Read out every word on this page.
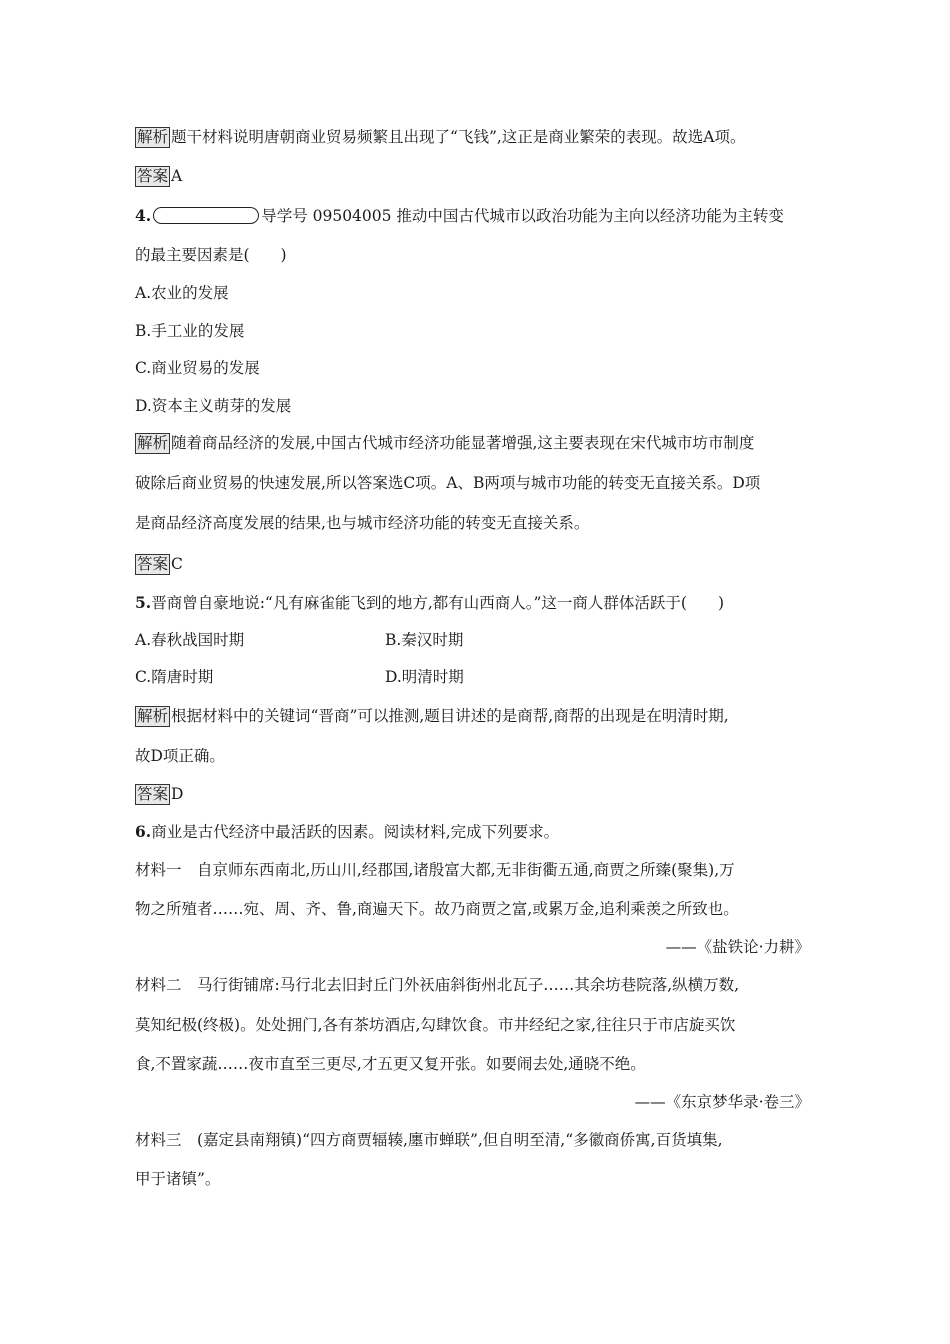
解析 题干材料说明唐朝商业贸易频繁且出现了“飞钱”,这正是商业繁荣的表现。故选A项。
答案 A
4.	导学号 09504005 推动中国古代城市以政治功能为主向以经济功能为主转变
的最主要因素是(　　)
A.农业的发展
B.手工业的发展
C.商业贸易的发展
D.资本主义萌芽的发展
解析 随着商品经济的发展,中国古代城市经济功能显著增强,这主要表现在宋代城市坊市制度
破除后商业贸易的快速发展,所以答案选C项。A、B两项与城市功能的转变无直接关系。D项
是商品经济高度发展的结果,也与城市经济功能的转变无直接关系。
答案 C
5.晋商曾自豪地说:“凡有麻雀能飞到的地方,都有山西商人。”这一商人群体活跃于(　　)
A.春秋战国时期	B.秦汉时期
C.隋唐时期	D.明清时期
解析 根据材料中的关键词“晋商”可以推测,题目讲述的是商帮,商帮的出现是在明清时期,
故D项正确。
答案 D
6.商业是古代经济中最活跃的因素。阅读材料,完成下列要求。
材料一　自京师东西南北,历山川,经郡国,诸殷富大都,无非街衢五通,商贾之所臻(聚集),万
物之所殖者……宛、周、齐、鲁,商遍天下。故乃商贾之富,或累万金,追利乘羡之所致也。
——《盐铁论·力耕》
材料二　马行街铺席:马行北去旧封丘门外祆庙斜街州北瓦子……其余坊巷院落,纵横万数,
莫知纪极(终极)。处处拥门,各有茶坊酒店,勾肆饮食。市井经纪之家,往往只于市店旋买饮
食,不置家蔬……夜市直至三更尽,才五更又复开张。如要闹去处,通晓不绝。
——《东京梦华录·卷三》
材料三　(嘉定县南翔镇)“四方商贾辐辏,廛市蝉联”,但自明至清,“多徽商侨寓,百货填集,
甲于诸镇”。
